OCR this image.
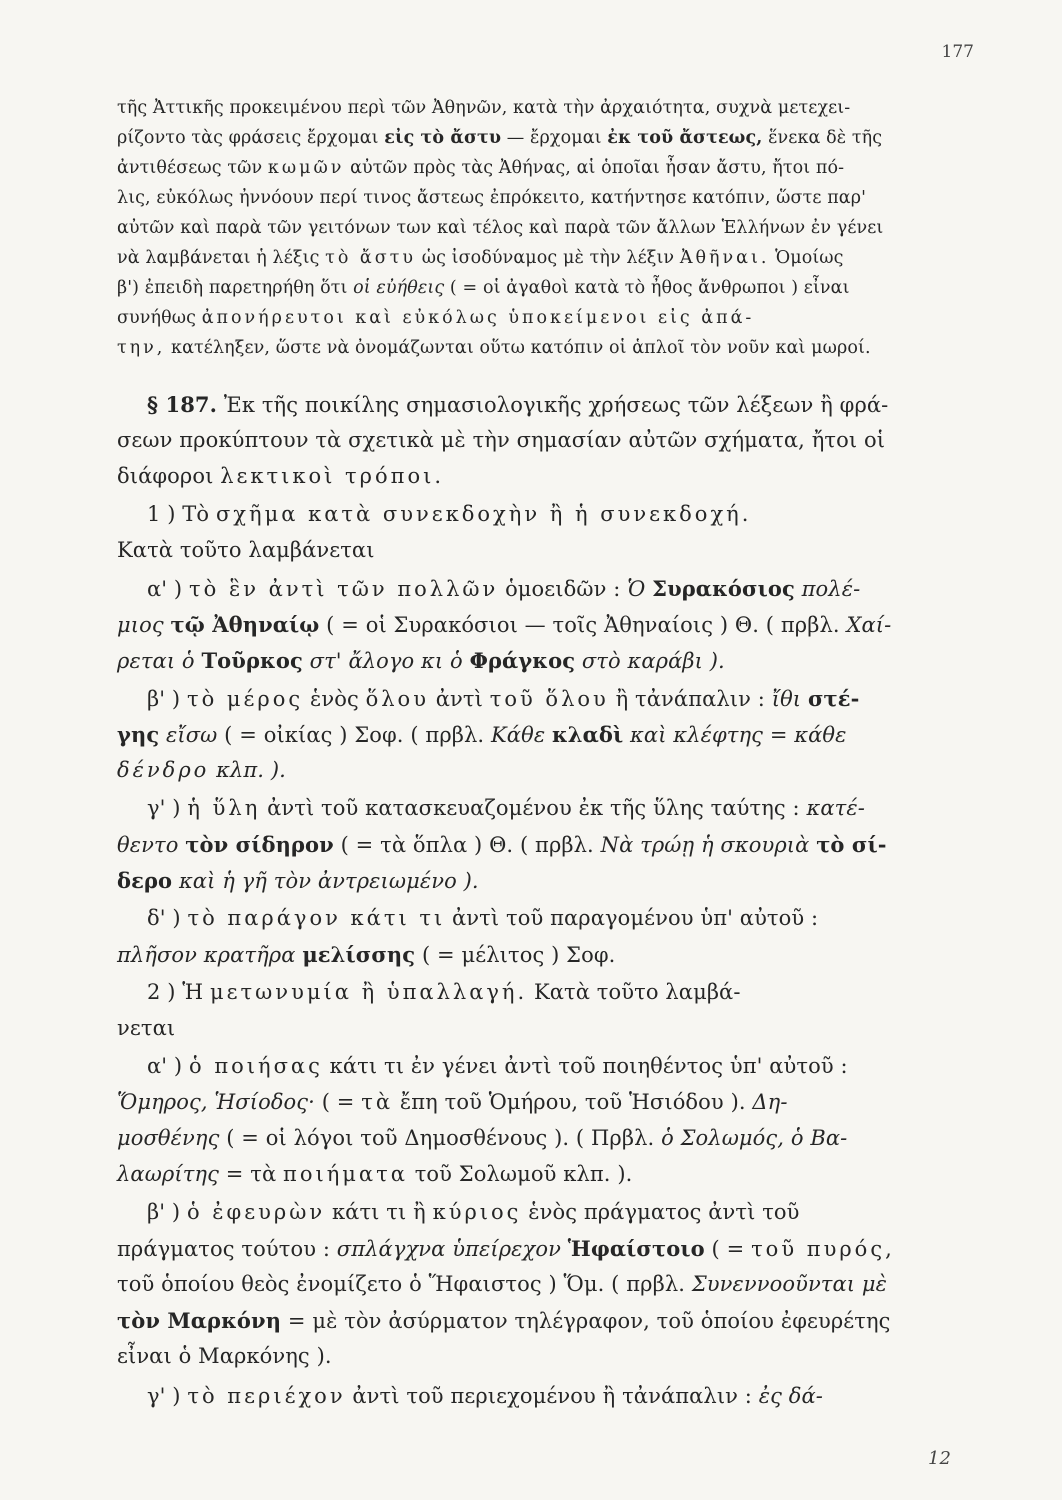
177
τῆς Ἀττικῆς προκειμένου περὶ τῶν Ἀθηνῶν, κατὰ τὴν ἀρχαιότητα, συχνὰ μετεχει-
ρίζοντο τὰς φράσεις ἔρχομαι εἰς τὸ ἄστυ — ἔρχομαι ἐκ τοῦ ἄστεως, ἕνεκα δὲ τῆς
ἀντιθέσεως τῶν κωμῶν αὐτῶν πρὸς τὰς Ἀθήνας, αἱ ὁποῖαι ἦσαν ἄστυ, ἤτοι πό-
λις, εὐκόλως ἠννόουν περί τινος ἄστεως ἐπρόκειτο, κατήντησε κατόπιν, ὥστε παρ'
αὐτῶν καὶ παρὰ τῶν γειτόνων των καὶ τέλος καὶ παρὰ τῶν ἄλλων Ἑλλήνων ἐν γένει
νὰ λαμβάνεται ἡ λέξις τὸ ἄστυ ὡς ἰσοδύναμος μὲ τὴν λέξιν Ἀθῆναι. Ὁμοίως
β') ἐπειδὴ παρετηρήθη ὅτι οἱ εὐήθεις ( = οἱ ἀγαθοὶ κατὰ τὸ ἦθος ἄνθρωποι ) εἶναι
συνήθως ἀπονήρευτοι καὶ εὐκόλως ὑποκείμενοι εἰς ἀπά-
την, κατέληξεν, ὥστε νὰ ὀνομάζωνται οὕτω κατόπιν οἱ ἁπλοῖ τὸν νοῦν καὶ μωροί.
§ 187. Ἐκ τῆς ποικίλης σημασιολογικῆς χρήσεως τῶν λέξεων ἢ φρά-
σεων προκύπτουν τὰ σχετικὰ μὲ τὴν σημασίαν αὐτῶν σχήματα, ἤτοι οἱ
διάφοροι λεκτικοὶ τρόποι.
1 ) Τὸ σχῆμα κατὰ συνεκδοχὴν ἢ ἡ συνεκδοχή.
Κατὰ τοῦτο λαμβάνεται
α' ) τὸ ἓν ἀντὶ τῶν πολλῶν ὁμοειδῶν : Ὁ Συρακόσιος πολέ-
μιος τῷ Ἀθηναίῳ ( = οἱ Συρακόσιοι — τοῖς Ἀθηναίοις ) Θ. ( πρβλ. Χαί-
ρεται ὁ Τοῦρκος στ' ἄλογο κι ὁ Φράγκος στὸ καράβι ).
β' ) τὸ μέρος ἑνὸς ὅλου ἀντὶ τοῦ ὅλου ἢ τἀνάπαλιν : ἴθι στέ-
γης εἴσω ( = οἰκίας ) Σοφ. ( πρβλ. Κάθε κλαδὶ καὶ κλέφτης = κάθε
δένδρο κλπ. ).
γ' ) ἡ ὕλη ἀντὶ τοῦ κατασκευαζομένου ἐκ τῆς ὕλης ταύτης : κατέ-
θεντο τὸν σίδηρον ( = τὰ ὅπλα ) Θ. ( πρβλ. Νὰ τρώῃ ἡ σκουριὰ τὸ σί-
δερο καὶ ἡ γῆ τὸν ἀντρειωμένο ).
δ' ) τὸ παράγον κάτι τι ἀντὶ τοῦ παραγομένου ὑπ' αὐτοῦ :
πλῆσον κρατῆρα μελίσσης ( = μέλιτος ) Σοφ.
2 ) Ἡ μετωνυμία ἢ ὑπαλλαγή. Κατὰ τοῦτο λαμβά-
νεται
α' ) ὁ ποιήσας κάτι τι ἐν γένει ἀντὶ τοῦ ποιηθέντος ὑπ' αὐτοῦ :
Ὅμηρος, Ἡσίοδος· ( = τὰ ἔπη τοῦ Ὁμήρου, τοῦ Ἡσιόδου ). Δη-
μοσθένης ( = οἱ λόγοι τοῦ Δημοσθένους ). ( Πρβλ. ὁ Σολωμός, ὁ Βα-
λαωρίτης = τὰ ποιήματα τοῦ Σολωμοῦ κλπ. ).
β' ) ὁ ἐφευρὼν κάτι τι ἢ κύριος ἑνὸς πράγματος ἀντὶ τοῦ
πράγματος τούτου : σπλάγχνα ὑπείρεχον Ἡφαίστοιο ( = τοῦ πυρός,
τοῦ ὁποίου θεὸς ἐνομίζετο ὁ Ἥφαιστος ) Ὅμ. ( πρβλ. Συνεννοοῦνται μὲ
τὸν Μαρκόνη = μὲ τὸν ἀσύρματον τηλέγραφον, τοῦ ὁποίου ἐφευρέτης
εἶναι ὁ Μαρκόνης ).
γ' ) τὸ περιέχον ἀντὶ τοῦ περιεχομένου ἢ τἀνάπαλιν : ἐς δά-
12
